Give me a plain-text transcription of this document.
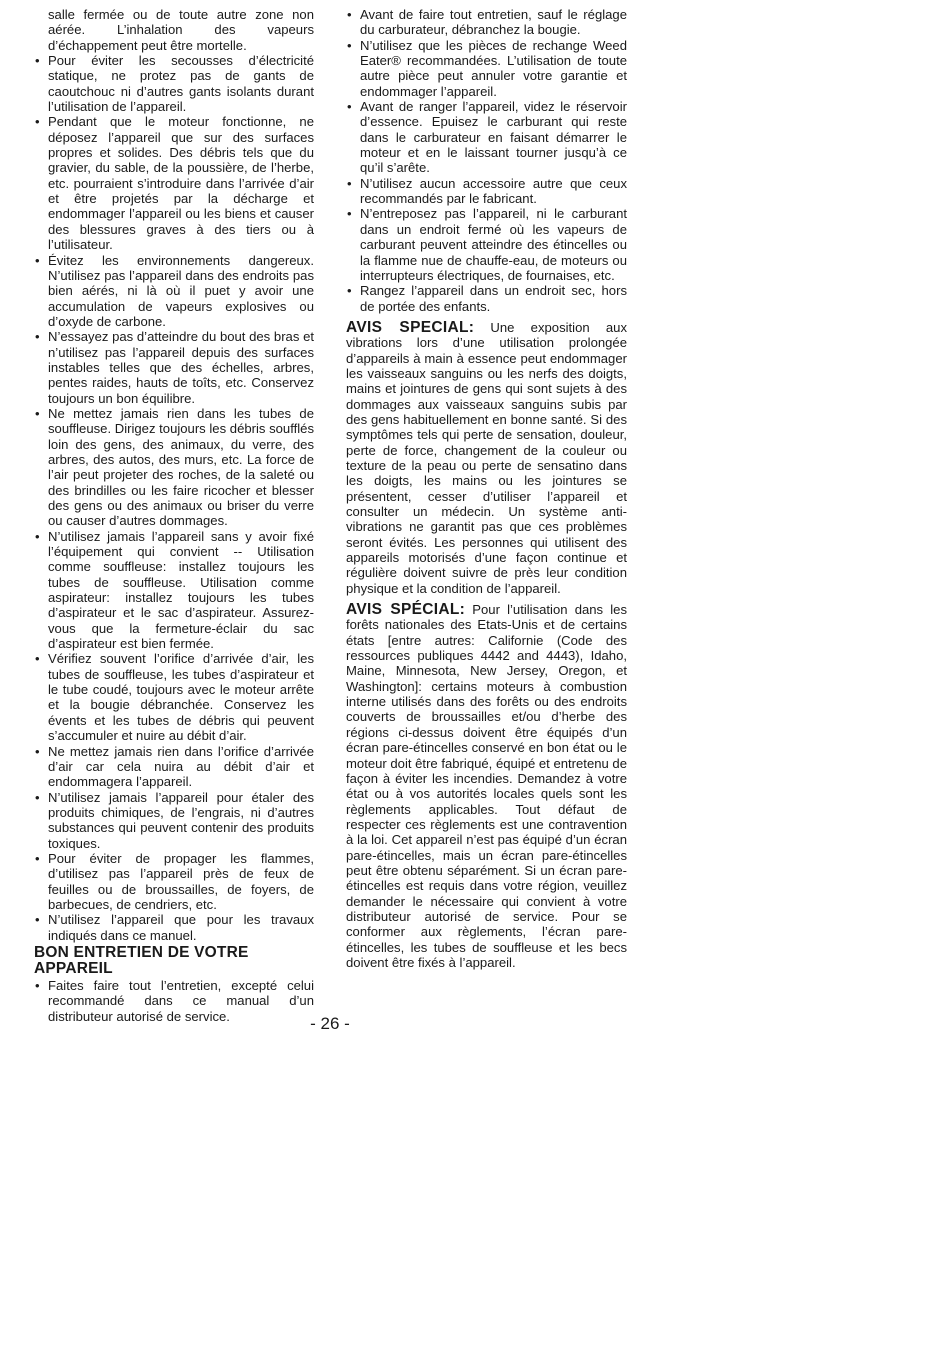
salle fermée ou de toute autre zone non aérée. L’inhalation des vapeurs d’échappement peut être mortelle.

• Pour éviter les secousses d’électricité statique, ne protez pas de gants de caoutchouc ni d’autres gants isolants durant l’utilisation de l’appareil.
• Pendant que le moteur fonctionne, ne déposez l’appareil que sur des surfaces propres et solides. Des débris tels que du gravier, du sable, de la poussière, de l’herbe, etc. pourraient s’introduire dans l’arrivée d’air et être projetés par la décharge et endommager l’appareil ou les biens et causer des blessures graves à des tiers ou à l’utilisateur.
• Évitez les environnements dangereux. N’utilisez pas l’appareil dans des endroits pas bien aérés, ni là où il puet y avoir une accumulation de vapeurs explosives ou d’oxyde de carbone.
• N’essayez pas d’atteindre du bout des bras et n’utilisez pas l’appareil depuis des surfaces instables telles que des échelles, arbres, pentes raides, hauts de toîts, etc. Conservez toujours un bon équilibre.
• Ne mettez jamais rien dans les tubes de souffleuse. Dirigez toujours les débris soufflés loin des gens, des animaux, du verre, des arbres, des autos, des murs, etc. La force de l’air peut projeter des roches, de la saleté ou des brindilles ou les faire ricocher et blesser des gens ou des animaux ou briser du verre ou causer d’autres dommages.
• N’utilisez jamais l’appareil sans y avoir fixé l’équipement qui convient -- Utilisation comme souffleuse: installez toujours les tubes de souffleuse. Utilisation comme aspirateur: installez toujours les tubes d’aspirateur et le sac d’aspirateur. Assurez-vous que la fermeture-éclair du sac d’aspirateur est bien fermée.
• Vérifiez souvent l’orifice d’arrivée d’air, les tubes de souffleuse, les tubes d’aspirateur et le tube coudé, toujours avec le moteur arrête et la bougie débranchée. Conservez les évents et les tubes de débris qui peuvent s’accumuler et nuire au débit d’air.
• Ne mettez jamais rien dans l’orifice d’arrivée d’air car cela nuira au débit d’air et endommagera l’appareil.
• N’utilisez jamais l’appareil pour étaler des produits chimiques, de l’engrais, ni d’autres substances qui peuvent contenir des produits toxiques.
• Pour éviter de propager les flammes, d’utilisez pas l’appareil près de feux de feuilles ou de broussailles, de foyers, de barbecues, de cendriers, etc.
• N’utilisez l’appareil que pour les travaux indiqués dans ce manuel.
BON ENTRETIEN DE VOTRE
APPAREIL
• Faites faire tout l’entretien, excepté celui recommandé dans ce manual d’un distributeur autorisé de service.
• Avant de faire tout entretien, sauf le réglage du carburateur, débranchez la bougie.
• N’utilisez que les pièces de rechange Weed Eater® recommandées. L’utilisation de toute autre pièce peut annuler votre garantie et endommager l’appareil.
• Avant de ranger l’appareil, videz le réservoir d’essence. Epuisez le carburant qui reste dans le carburateur en faisant démarrer le moteur et en le laissant tourner jusqu’à ce qu’il s’arête.
• N’utilisez aucun accessoire autre que ceux recommandés par le fabricant.
• N’entreposez pas l’appareil, ni le carburant dans un endroit fermé où les vapeurs de carburant peuvent atteindre des étincelles ou la flamme nue de chauffe-eau, de moteurs ou interrupteurs électriques, de fournaises, etc.
• Rangez l’appareil dans un endroit sec, hors de portée des enfants.

AVIS SPECIAL: Une exposition aux vibrations lors d’une utilisation prolongée d’appareils à main à essence peut endommager les vaisseaux sanguins ou les nerfs des doigts, mains et jointures de gens qui sont sujets à des dommages aux vaisseaux sanguins subis par des gens habituellement en bonne santé. Si des symptômes tels qui perte de sensation, douleur, perte de force, changement de la couleur ou texture de la peau ou perte de sensatino dans les doigts, les mains ou les jointures se présentent, cesser d’utiliser l’appareil et consulter un médecin. Un système anti-vibrations ne garantit pas que ces problèmes seront évités. Les personnes qui utilisent des appareils motorisés d’une façon continue et régulière doivent suivre de près leur condition physique et la condition de l’appareil.

AVIS SPÉCIAL: Pour l’utilisation dans les forêts nationales des Etats-Unis et de certains états [entre autres: Californie (Code des ressources publiques 4442 and 4443), Idaho, Maine, Minnesota, New Jersey, Oregon, et Washington]: certains moteurs à combustion interne utilisés dans des forêts ou des endroits couverts de broussailles et/ou d’herbe des régions ci-dessus doivent être équipés d’un écran pare-étincelles conservé en bon état ou le moteur doit être fabriqué, équipé et entretenu de façon à éviter les incendies. Demandez à votre état ou à vos autorités locales quels sont les règlements applicables. Tout défaut de respecter ces règlements est une contravention à la loi. Cet appareil n’est pas équipé d’un écran pare-étincelles, mais un écran pare-étincelles peut être obtenu séparément. Si un écran pare-étincelles est requis dans votre région, veuillez demander le nécessaire qui convient à votre distributeur autorisé de service. Pour se conformer aux règlements, l’écran pare-étincelles, les tubes de souffleuse et les becs doivent être fixés à l’appareil.

- 26 -
